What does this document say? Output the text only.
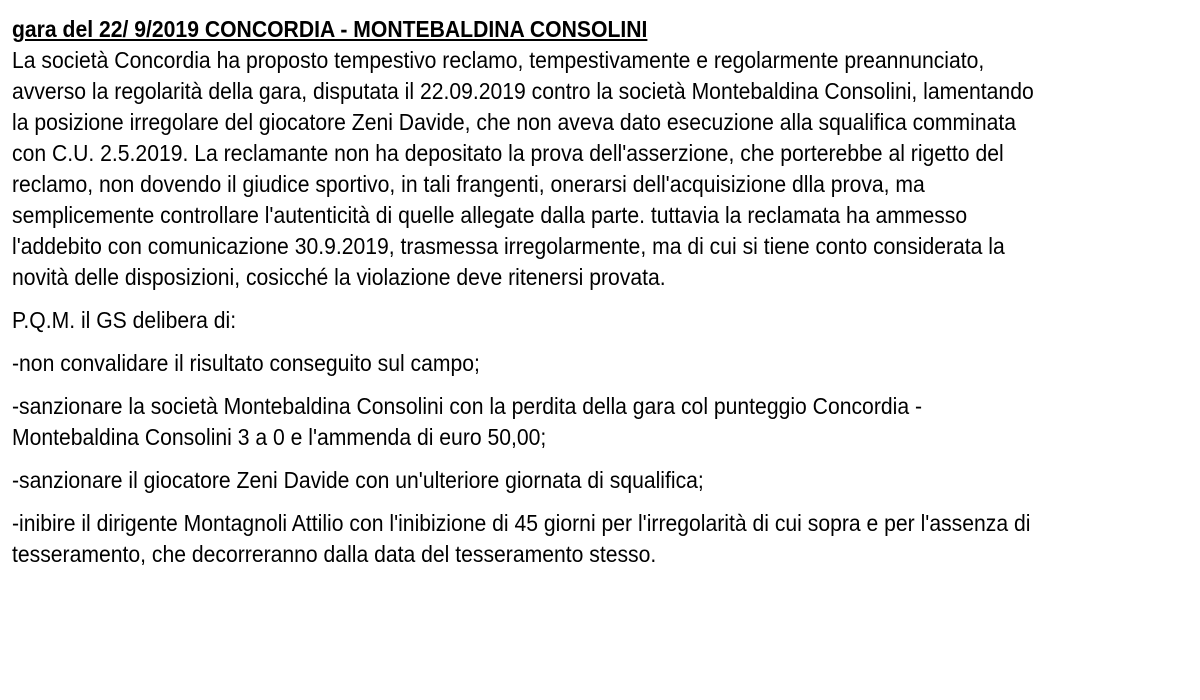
gara del 22/ 9/2019 CONCORDIA - MONTEBALDINA CONSOLINI
La società Concordia ha proposto tempestivo reclamo, tempestivamente e regolarmente preannunciato,
avverso la regolarità della gara, disputata il 22.09.2019 contro la società Montebaldina Consolini, lamentando
la posizione irregolare del giocatore Zeni Davide, che non aveva dato esecuzione alla squalifica comminata
con C.U. 2.5.2019. La reclamante non ha depositato la prova dell'asserzione, che porterebbe al rigetto del
reclamo, non dovendo il giudice sportivo, in tali frangenti, onerarsi dell'acquisizione dlla prova, ma
semplicemente controllare l'autenticità di quelle allegate dalla parte. tuttavia la reclamata ha ammesso
l'addebito con comunicazione 30.9.2019, trasmessa irregolarmente, ma di cui si tiene conto considerata la
novità delle disposizioni, cosicché la violazione deve ritenersi provata.
P.Q.M. il GS delibera di:
-non convalidare il risultato conseguito sul campo;
-sanzionare la società Montebaldina Consolini con la perdita della gara col punteggio Concordia -
Montebaldina Consolini 3 a 0 e l'ammenda di euro 50,00;
-sanzionare il giocatore Zeni Davide con un'ulteriore giornata di squalifica;
-inibire il dirigente Montagnoli Attilio con l'inibizione di 45 giorni per l'irregolarità di cui sopra e per l'assenza di
tesseramento, che decorreranno dalla data del tesseramento stesso.
